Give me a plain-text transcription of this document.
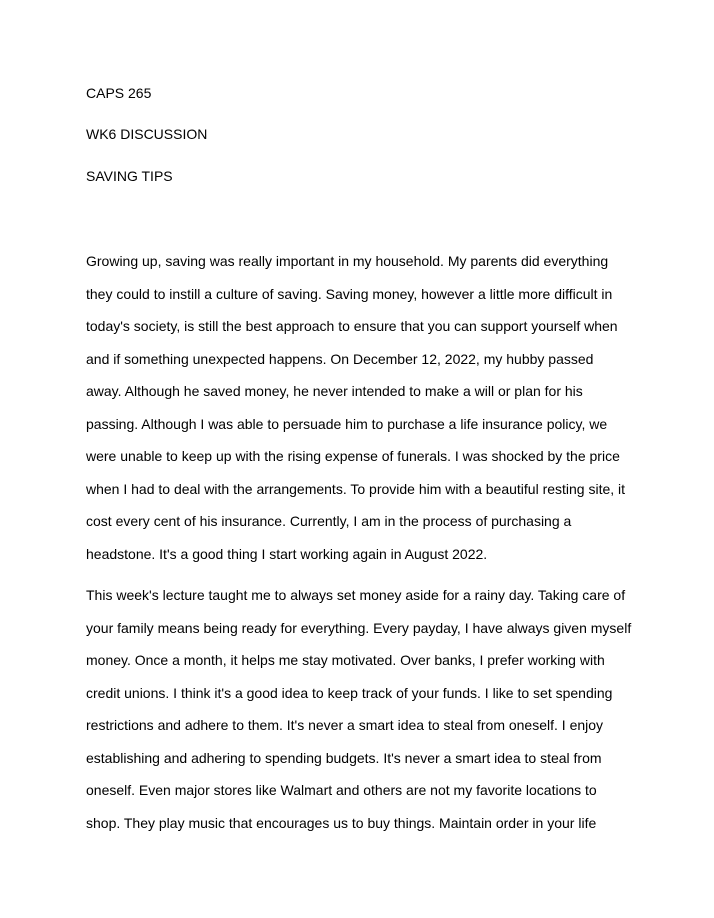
CAPS 265
WK6 DISCUSSION
SAVING TIPS
Growing up, saving was really important in my household. My parents did everything
they could to instill a culture of saving. Saving money, however a little more difficult in
today's society, is still the best approach to ensure that you can support yourself when
and if something unexpected happens. On December 12, 2022, my hubby passed
away. Although he saved money, he never intended to make a will or plan for his
passing. Although I was able to persuade him to purchase a life insurance policy, we
were unable to keep up with the rising expense of funerals. I was shocked by the price
when I had to deal with the arrangements. To provide him with a beautiful resting site, it
cost every cent of his insurance. Currently, I am in the process of purchasing a
headstone. It's a good thing I start working again in August 2022.
This week's lecture taught me to always set money aside for a rainy day. Taking care of
your family means being ready for everything. Every payday, I have always given myself
money. Once a month, it helps me stay motivated. Over banks, I prefer working with
credit unions. I think it's a good idea to keep track of your funds. I like to set spending
restrictions and adhere to them. It's never a smart idea to steal from oneself. I enjoy
establishing and adhering to spending budgets. It's never a smart idea to steal from
oneself. Even major stores like Walmart and others are not my favorite locations to
shop. They play music that encourages us to buy things. Maintain order in your life
